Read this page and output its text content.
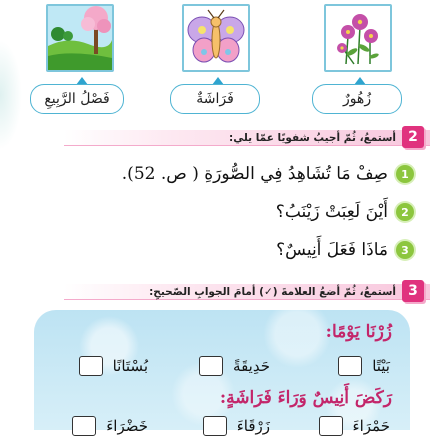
زُهُورٌ
فَرَاشَةٌ
فَصْلُ الرَّبِيعِ
أستمعُ، ثُمّ أجيبُ شفويًا عمّا يلي: 2
1
صِفْ مَا تُشَاهِدُ فِي الصُّورَةِ ( ص. 52).
2
أَيْنَ لَعِبَتْ زَيْنَبُ؟
3
مَاذَا فَعَلَ أَنِيسٌ؟
أستمعُ، ثُمّ أضعُ العلامةَ (✓) أمامَ الجوابِ الصّحيحِ: 3
زُرْنَا يَوْمًا:
بَيْتًا
حَدِيقَةً
بُسْتَانًا
رَكَضَ أَنِيسٌ وَرَاءَ فَرَاشَةٍ:
حَمْرَاءَ
زَرْقَاءَ
خَضْرَاءَ
